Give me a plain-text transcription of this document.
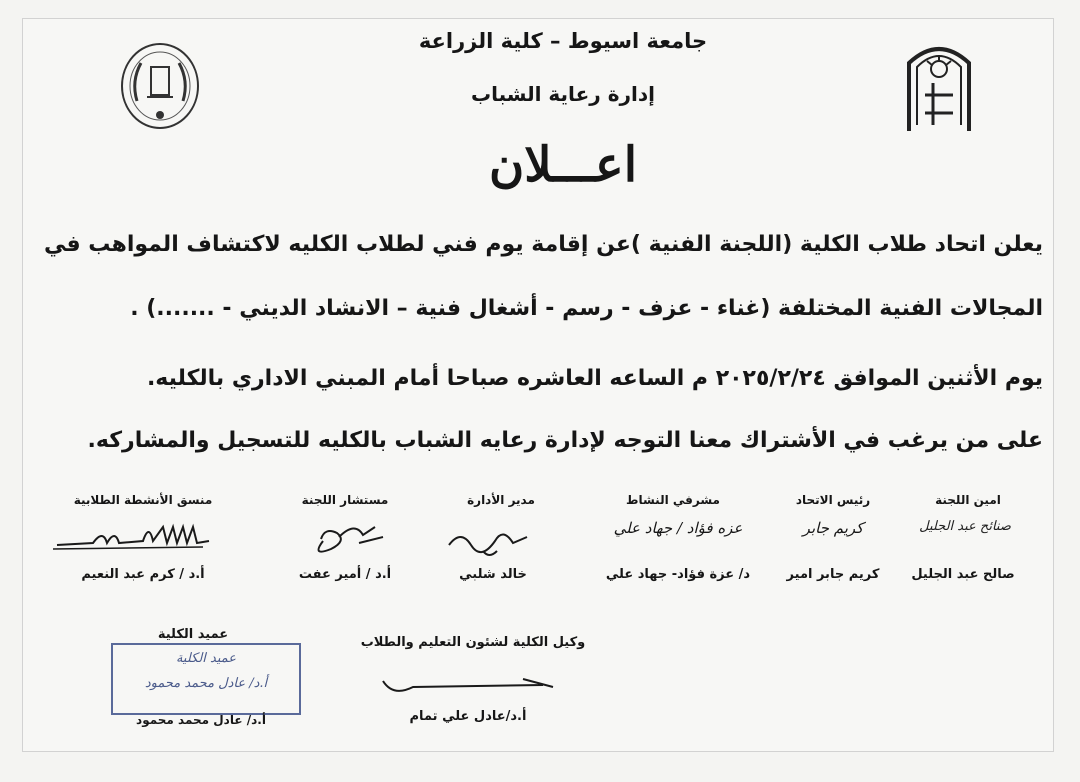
جامعة اسيوط – كلية الزراعة
إدارة رعاية الشباب
اعـــلان
يعلن اتحاد طلاب الكلية (اللجنة الفنية )عن إقامة يوم فني لطلاب الكليه لاكتشاف المواهب في
المجالات الفنية المختلفة (غناء - عزف - رسم - أشغال فنية – الانشاد الديني - .......) .
يوم الأثنين الموافق ٢٠٢٥/٢/٢٤ م الساعه العاشره صباحا أمام المبني الاداري بالكليه.
على من يرغب في الأشتراك معنا التوجه لإدارة رعايه الشباب بالكليه للتسجيل والمشاركه.
امين اللجنة
صنائح عبد الجليل
صالح عبد الجليل
رئيس الاتحاد
كريم جابر
كريم جابر امير
مشرفي النشاط
عزه فؤاد / جهاد علي
د/ عزة فؤاد- جهاد علي
مدير الأدارة
خالد شلبي
مستشار اللجنة
أ.د / أمير عفت
منسق الأنشطة الطلابية
أ.د / كرم عبد النعيم
وكيل الكلية لشئون التعليم والطلاب
أ.د/عادل علي تمام
عميد الكلية
عميد الكلية
أ.د/ عادل محمد محمود
أ.د/ عادل محمد محمود
